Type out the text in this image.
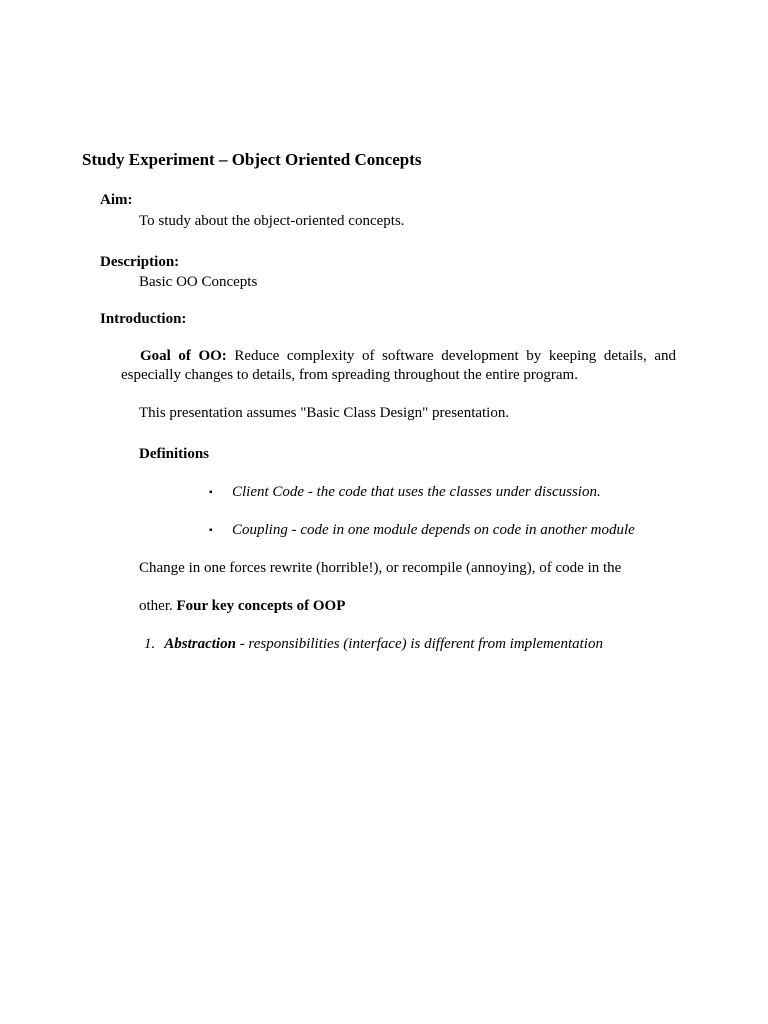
Study Experiment – Object Oriented Concepts
Aim:
To study about the object-oriented concepts.
Description:
Basic OO Concepts
Introduction:
Goal of OO: Reduce complexity of software development by keeping details, and especially changes to details, from spreading throughout the entire program.
This presentation assumes "Basic Class Design" presentation.
Definitions
▪ Client Code - the code that uses the classes under discussion.
▪ Coupling - code in one module depends on code in another module
Change in one forces rewrite (horrible!), or recompile (annoying), of code in the
other. Four key concepts of OOP
1. Abstraction - responsibilities (interface) is different from implementation
